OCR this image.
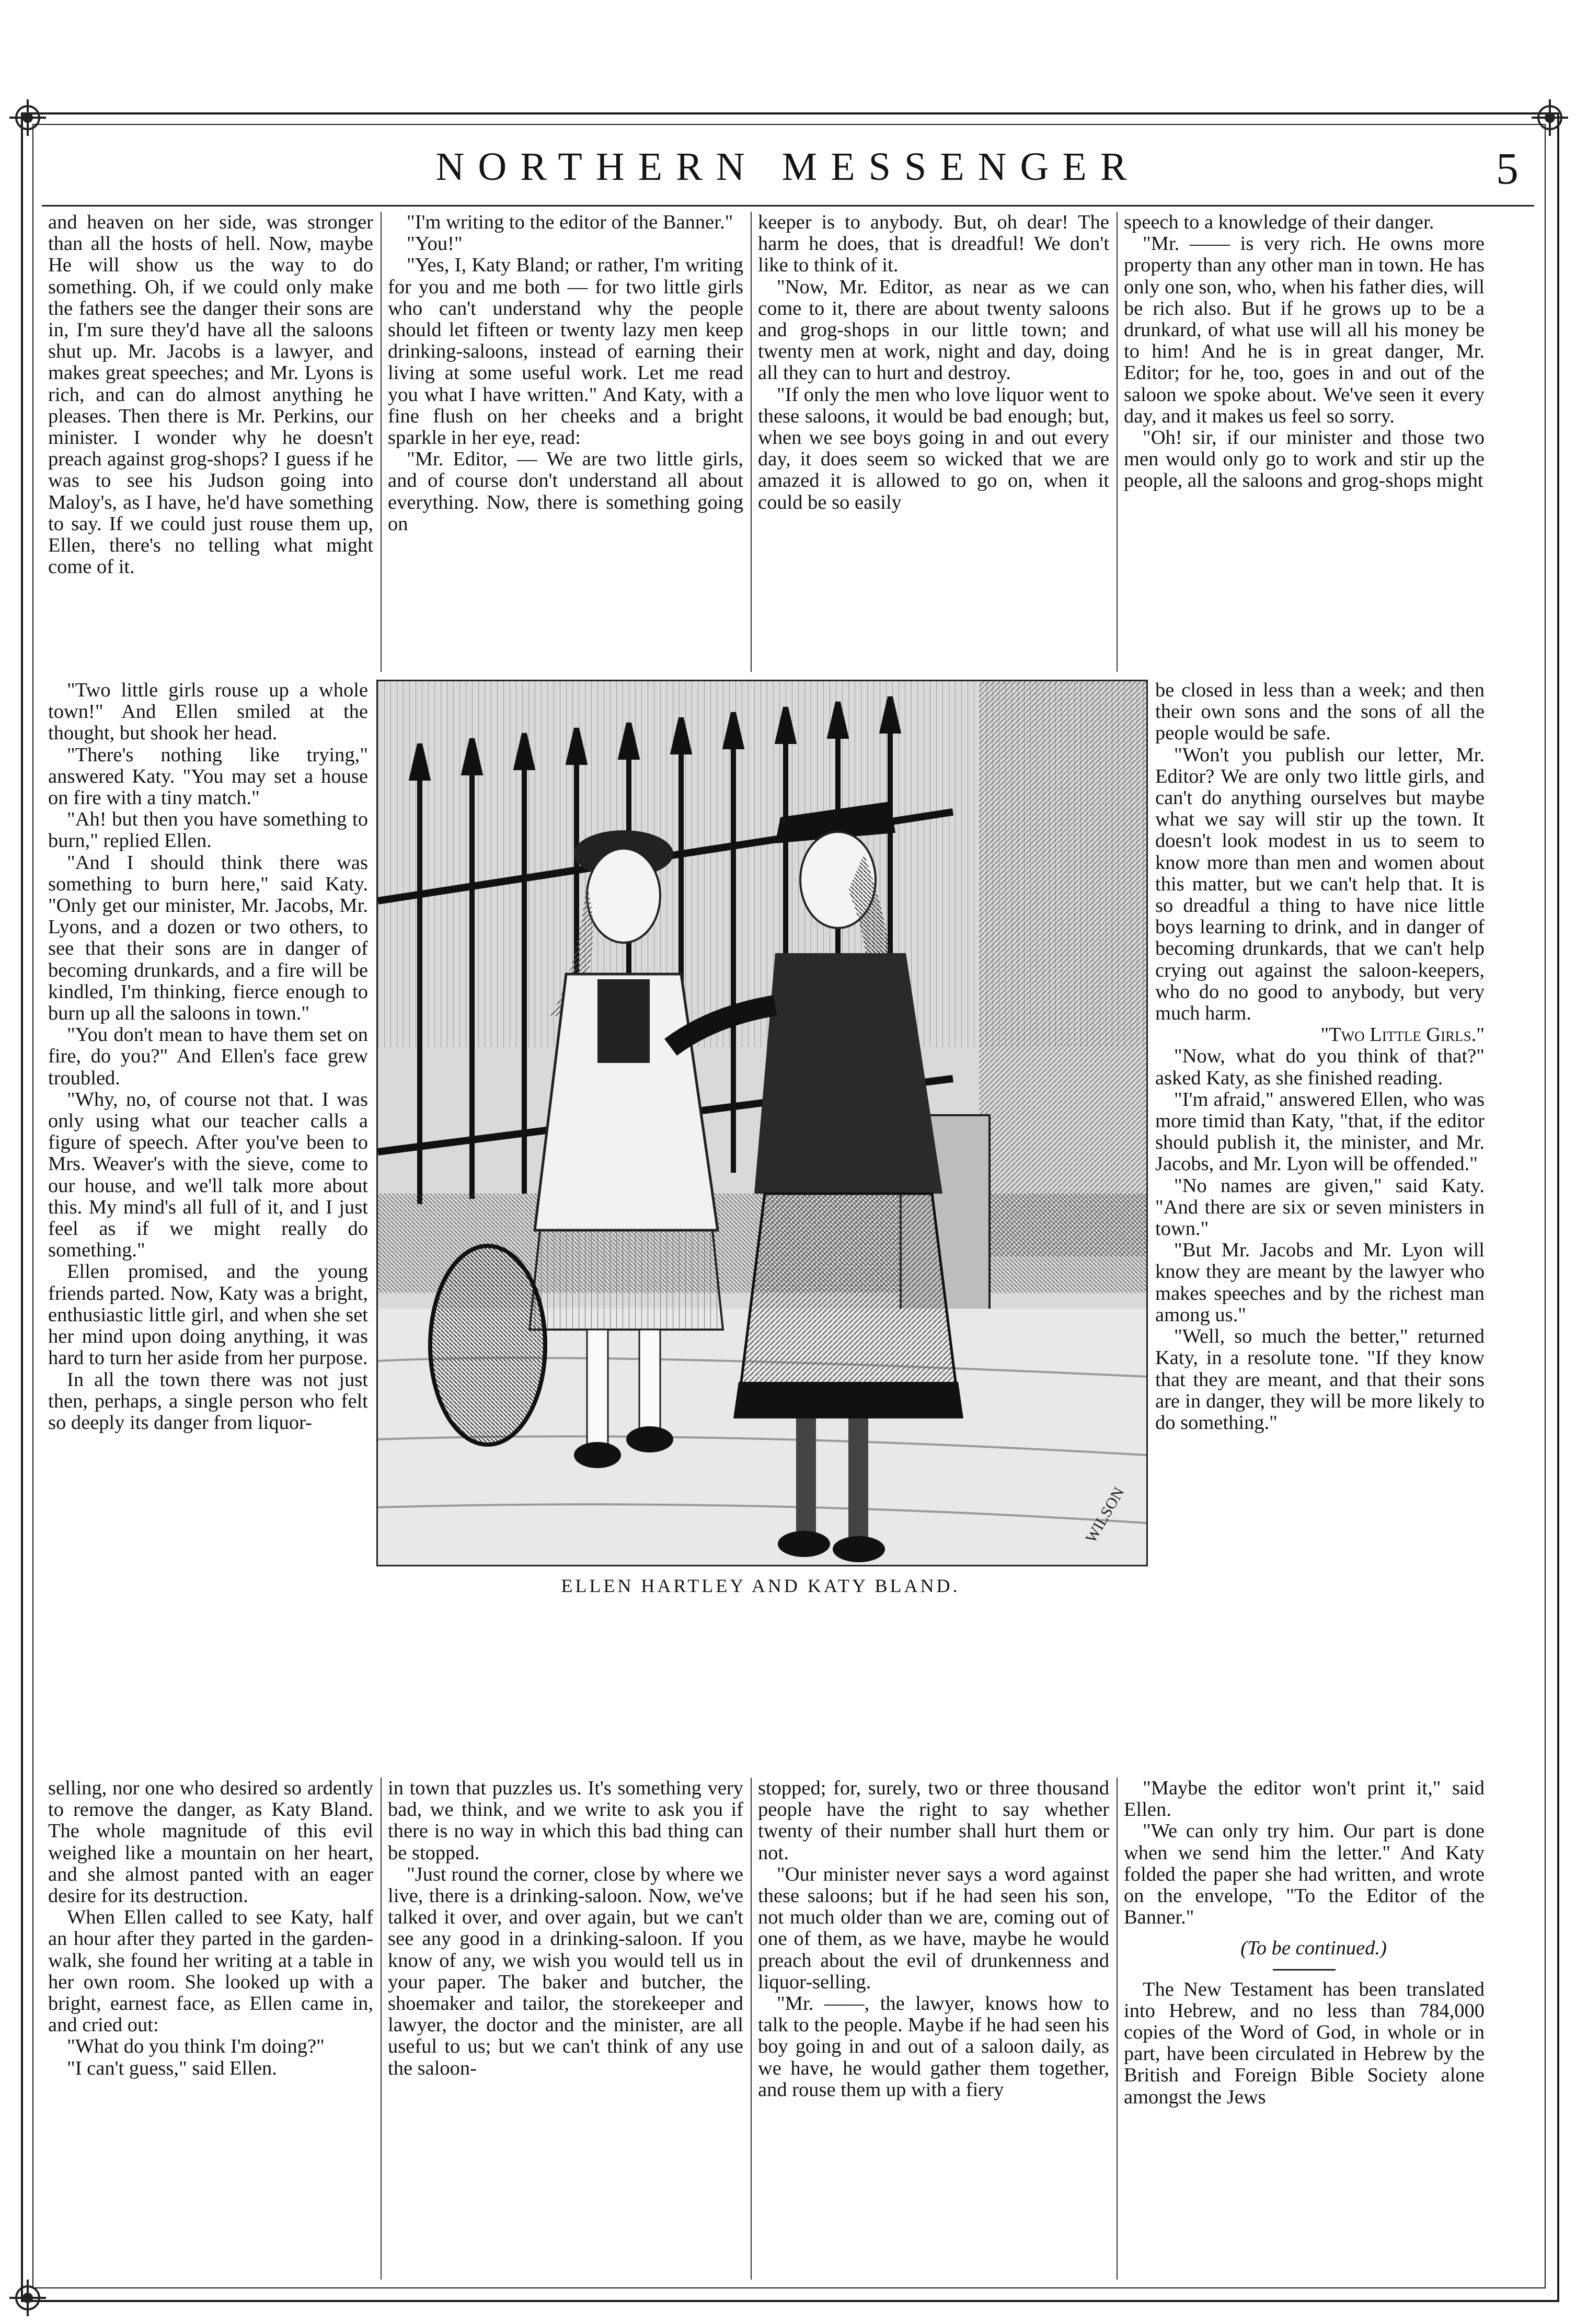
NORTHERN MESSENGER	5

and heaven on her side, was stronger than all the hosts of hell. Now, maybe He will show us the way to do something. Oh, if we could only make the fathers see the danger their sons are in, I'm sure they'd have all the saloons shut up. Mr. Jacobs is a lawyer, and makes great speeches; and Mr. Lyons is rich, and can do almost anything he pleases. Then there is Mr. Perkins, our minister. I wonder why he doesn't preach against grog-shops? I guess if he was to see his Judson going into Maloy's, as I have, he'd have something to say. If we could just rouse them up, Ellen, there's no telling what might come of it.

"Two little girls rouse up a whole town!" And Ellen smiled at the thought, but shook her head.

"There's nothing like trying," answered Katy. "You may set a house on fire with a tiny match."

"Ah! but then you have something to burn," replied Ellen.

"And I should think there was something to burn here," said Katy. "Only get our minister, Mr. Jacobs, Mr. Lyons, and a dozen or two others, to see that their sons are in danger of becoming drunkards, and a fire will be kindled, I'm thinking, fierce enough to burn up all the saloons in town."

"You don't mean to have them set on fire, do you?" And Ellen's face grew troubled.

"Why, no, of course not that. I was only using what our teacher calls a figure of speech. After you've been to Mrs. Weaver's with the sieve, come to our house, and we'll talk more about this. My mind's all full of it, and I just feel as if we might really do something."

Ellen promised, and the young friends parted. Now, Katy was a bright, enthusiastic little girl, and when she set her mind upon doing anything, it was hard to turn her aside from her purpose.

In all the town there was not just then, perhaps, a single person who felt so deeply its danger from liquor-

selling, nor one who desired so ardently to remove the danger, as Katy Bland. The whole magnitude of this evil weighed like a mountain on her heart, and she almost panted with an eager desire for its destruction.

When Ellen called to see Katy, half an hour after they parted in the garden-walk, she found her writing at a table in her own room. She looked up with a bright, earnest face, as Ellen came in, and cried out:

"What do you think I'm doing?"

"I can't guess," said Ellen.

"I'm writing to the editor of the Banner."

"You!"

"Yes, I, Katy Bland; or rather, I'm writing for you and me both — for two little girls who can't understand why the people should let fifteen or twenty lazy men keep drinking-saloons, instead of earning their living at some useful work. Let me read you what I have written." And Katy, with a fine flush on her cheeks and a bright sparkle in her eye, read:

"Mr. Editor, — We are two little girls, and of course don't understand all about everything. Now, there is something going on

in town that puzzles us. It's something very bad, we think, and we write to ask you if there is no way in which this bad thing can be stopped.

"Just round the corner, close by where we live, there is a drinking-saloon. Now, we've talked it over, and over again, but we can't see any good in a drinking-saloon. If you know of any, we wish you would tell us in your paper. The baker and butcher, the shoemaker and tailor, the storekeeper and lawyer, the doctor and the minister, are all useful to us; but we can't think of any use the saloon-

keeper is to anybody. But, oh dear! The harm he does, that is dreadful! We don't like to think of it.

"Now, Mr. Editor, as near as we can come to it, there are about twenty saloons and grog-shops in our little town; and twenty men at work, night and day, doing all they can to hurt and destroy.

"If only the men who love liquor went to these saloons, it would be bad enough; but, when we see boys going in and out every day, it does seem so wicked that we are amazed it is allowed to go on, when it could be so easily

stopped; for, surely, two or three thousand people have the right to say whether twenty of their number shall hurt them or not.

"Our minister never says a word against these saloons; but if he had seen his son, not much older than we are, coming out of one of them, as we have, maybe he would preach about the evil of drunkenness and liquor-selling.

"Mr. ——, the lawyer, knows how to talk to the people. Maybe if he had seen his boy going in and out of a saloon daily, as we have, he would gather them together, and rouse them up with a fiery

speech to a knowledge of their danger.

"Mr. —— is very rich. He owns more property than any other man in town. He has only one son, who, when his father dies, will be rich also. But if he grows up to be a drunkard, of what use will all his money be to him! And he is in great danger, Mr. Editor; for he, too, goes in and out of the saloon we spoke about. We've seen it every day, and it makes us feel so sorry.

"Oh! sir, if our minister and those two men would only go to work and stir up the people, all the saloons and grog-shops might

be closed in less than a week; and then their own sons and the sons of all the people would be safe.

"Won't you publish our letter, Mr. Editor? We are only two little girls, and can't do anything ourselves but maybe what we say will stir up the town. It doesn't look modest in us to seem to know more than men and women about this matter, but we can't help that. It is so dreadful a thing to have nice little boys learning to drink, and in danger of becoming drunkards, that we can't help crying out against the saloon-keepers, who do no good to anybody, but very much harm.

"Two Little Girls."

"Now, what do you think of that?" asked Katy, as she finished reading.

"I'm afraid," answered Ellen, who was more timid than Katy, "that, if the editor should publish it, the minister, and Mr. Jacobs, and Mr. Lyon will be offended."

"No names are given," said Katy. "And there are six or seven ministers in town."

"But Mr. Jacobs and Mr. Lyon will know they are meant by the lawyer who makes speeches and by the richest man among us."

"Well, so much the better," returned Katy, in a resolute tone. "If they know that they are meant, and that their sons are in danger, they will be more likely to do something."

"Maybe the editor won't print it," said Ellen.

"We can only try him. Our part is done when we send him the letter." And Katy folded the paper she had written, and wrote on the envelope, "To the Editor of the Banner."

(To be continued.)

The New Testament has been translated into Hebrew, and no less than 784,000 copies of the Word of God, in whole or in part, have been circulated in Hebrew by the British and Foreign Bible Society alone amongst the Jews

WILSON
ELLEN HARTLEY AND KATY BLAND.
